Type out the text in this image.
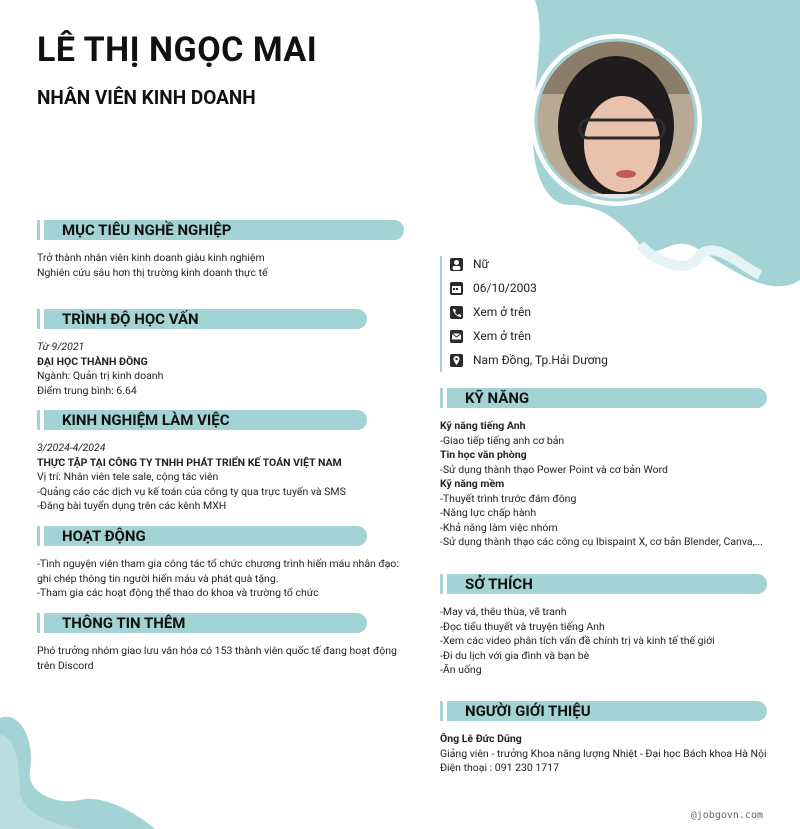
LÊ THỊ NGỌC MAI
NHÂN VIÊN KINH DOANH
MỤC TIÊU NGHỀ NGHIỆP
Trở thành nhân viên kinh doanh giàu kinh nghiệm
Nghiên cứu sâu hơn thị trường kinh doanh thực tế
TRÌNH ĐỘ HỌC VẤN
Từ 9/2021
ĐẠI HỌC THÀNH ĐÔNG
Ngành: Quản trị kinh doanh
Điểm trung bình: 6.64
KINH NGHIỆM LÀM VIỆC
3/2024-4/2024
THỰC TẬP TẠI CÔNG TY TNHH PHÁT TRIỂN KẾ TOÁN VIỆT NAM
Vị trí: Nhân viên tele sale, cộng tác viên
-Quảng cáo các dịch vụ kế toán của công ty qua trực tuyến và SMS
-Đăng bài tuyển dụng trên các kênh MXH
HOẠT ĐỘNG
-Tình nguyện viên tham gia công tác tổ chức chương trình hiến máu nhân đạo:
ghi chép thông tin người hiến máu và phát quà tặng.
-Tham gia các hoạt động thể thao do khoa và trường tổ chức
THÔNG TIN THÊM
Phó trưởng nhóm giao lưu văn hóa có 153 thành viên quốc tế đang hoạt động
trên Discord
Nữ
06/10/2003
Xem ở trên
Xem ở trên
Nam Đồng, Tp.Hải Dương
KỸ NĂNG
Kỹ năng tiếng Anh
-Giao tiếp tiếng anh cơ bản
Tin học văn phòng
-Sử dụng thành thạo Power Point và cơ bản Word
Kỹ năng mềm
-Thuyết trình trước đám đông
-Năng lực chấp hành
-Khả năng làm việc nhóm
-Sử dụng thành thạo các công cụ Ibispaint X, cơ bản Blender, Canva,...
SỞ THÍCH
-May vá, thêu thùa, vẽ tranh
-Đọc tiểu thuyết và truyện tiếng Anh
-Xem các video phân tích vấn đề chính trị và kinh tế thế giới
-Đi du lịch với gia đình và bạn bè
-Ăn uống
NGƯỜI GIỚI THIỆU
Ông Lê Đức Dũng
Giảng viên - trưởng Khoa năng lượng Nhiệt - Đại học Bách khoa Hà Nội
Điện thoại : 091 230 1717
@jobgovn.com
